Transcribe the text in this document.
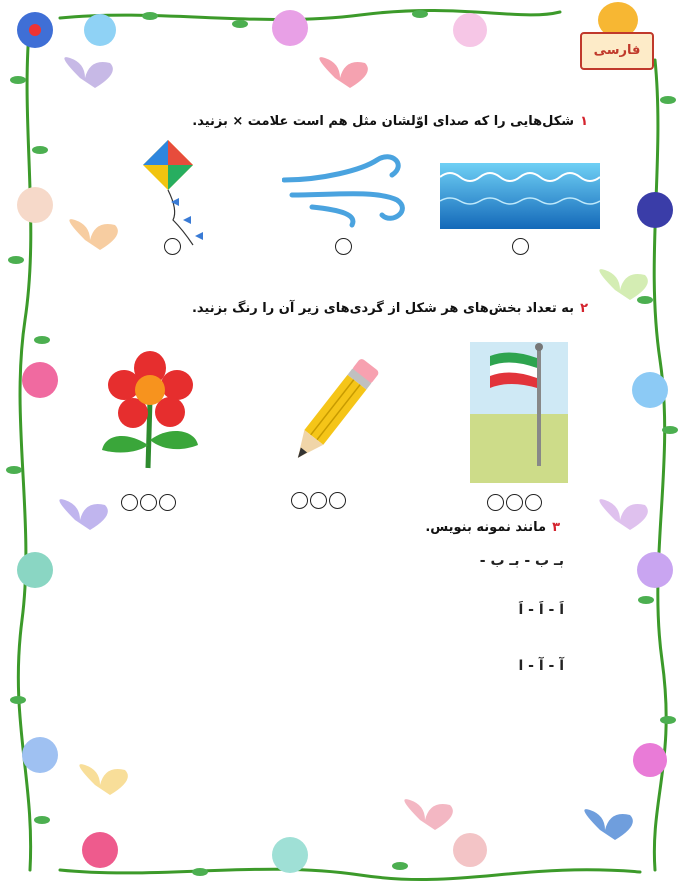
فارسی
۱شکل‌هایی را که صدای اوّلشان مثل هم است علامت × بزنید.
۲به تعداد بخش‌های هر شکل از گردی‌های زیر آن را رنگ بزنید.
۳مانند نمونه بنویس.
بـ ب - بـ ب -
اَ - اَ - اَ
آ - آ - ا
